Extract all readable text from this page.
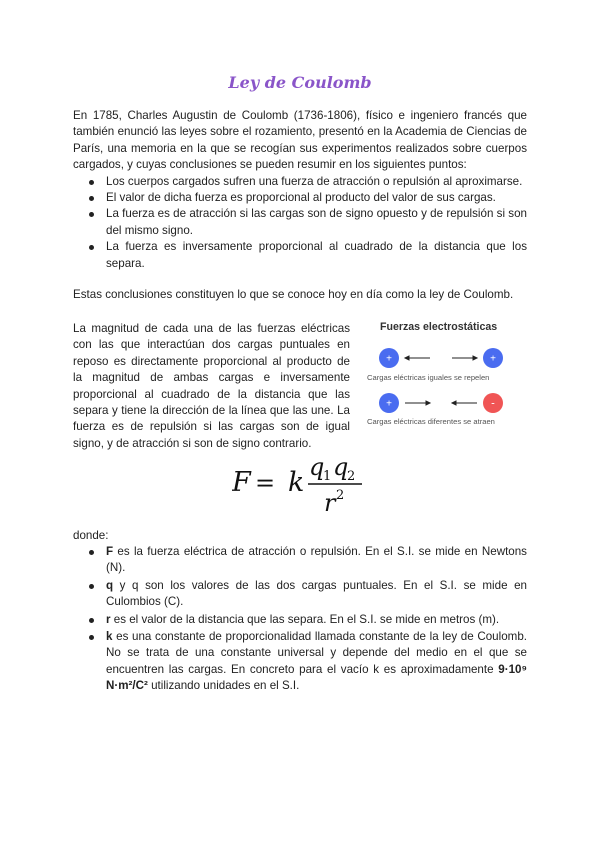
Ley de Coulomb
En 1785, Charles Augustin de Coulomb (1736-1806), físico e ingeniero francés que también enunció las leyes sobre el rozamiento, presentó en la Academia de Ciencias de París, una memoria en la que se recogían sus experimentos realizados sobre cuerpos cargados, y cuyas conclusiones se pueden resumir en los siguientes puntos:
Los cuerpos cargados sufren una fuerza de atracción o repulsión al aproximarse.
El valor de dicha fuerza es proporcional al producto del valor de sus cargas.
La fuerza es de atracción si las cargas son de signo opuesto y de repulsión si son del mismo signo.
La fuerza es inversamente proporcional al cuadrado de la distancia que los separa.
Estas conclusiones constituyen lo que se conoce hoy en día como la ley de Coulomb.
La magnitud de cada una de las fuerzas eléctricas con las que interactúan dos cargas puntuales en reposo es directamente proporcional al producto de la magnitud de ambas cargas e inversamente proporcional al cuadrado de la distancia que las separa y tiene la dirección de la línea que las une. La fuerza es de repulsión si las cargas son de igual signo, y de atracción si son de signo contrario.
Fuerzas electrostáticas
+	+
+	-
Cargas eléctricas iguales se repelen
Cargas eléctricas diferentes se atraen
F = k q
1 q
2
r 2
donde:
F es la fuerza eléctrica de atracción o repulsión. En el S.I. se mide en Newtons (N).
q y q son los valores de las dos cargas puntuales. En el S.I. se mide en Culombios (C).
r es el valor de la distancia que las separa. En el S.I. se mide en metros (m).
k es una constante de proporcionalidad llamada constante de la ley de Coulomb. No se trata de una constante universal y depende del medio en el que se encuentren las cargas. En concreto para el vacío k es aproximadamente 9·10⁹ N·m²/C² utilizando unidades en el S.I.
